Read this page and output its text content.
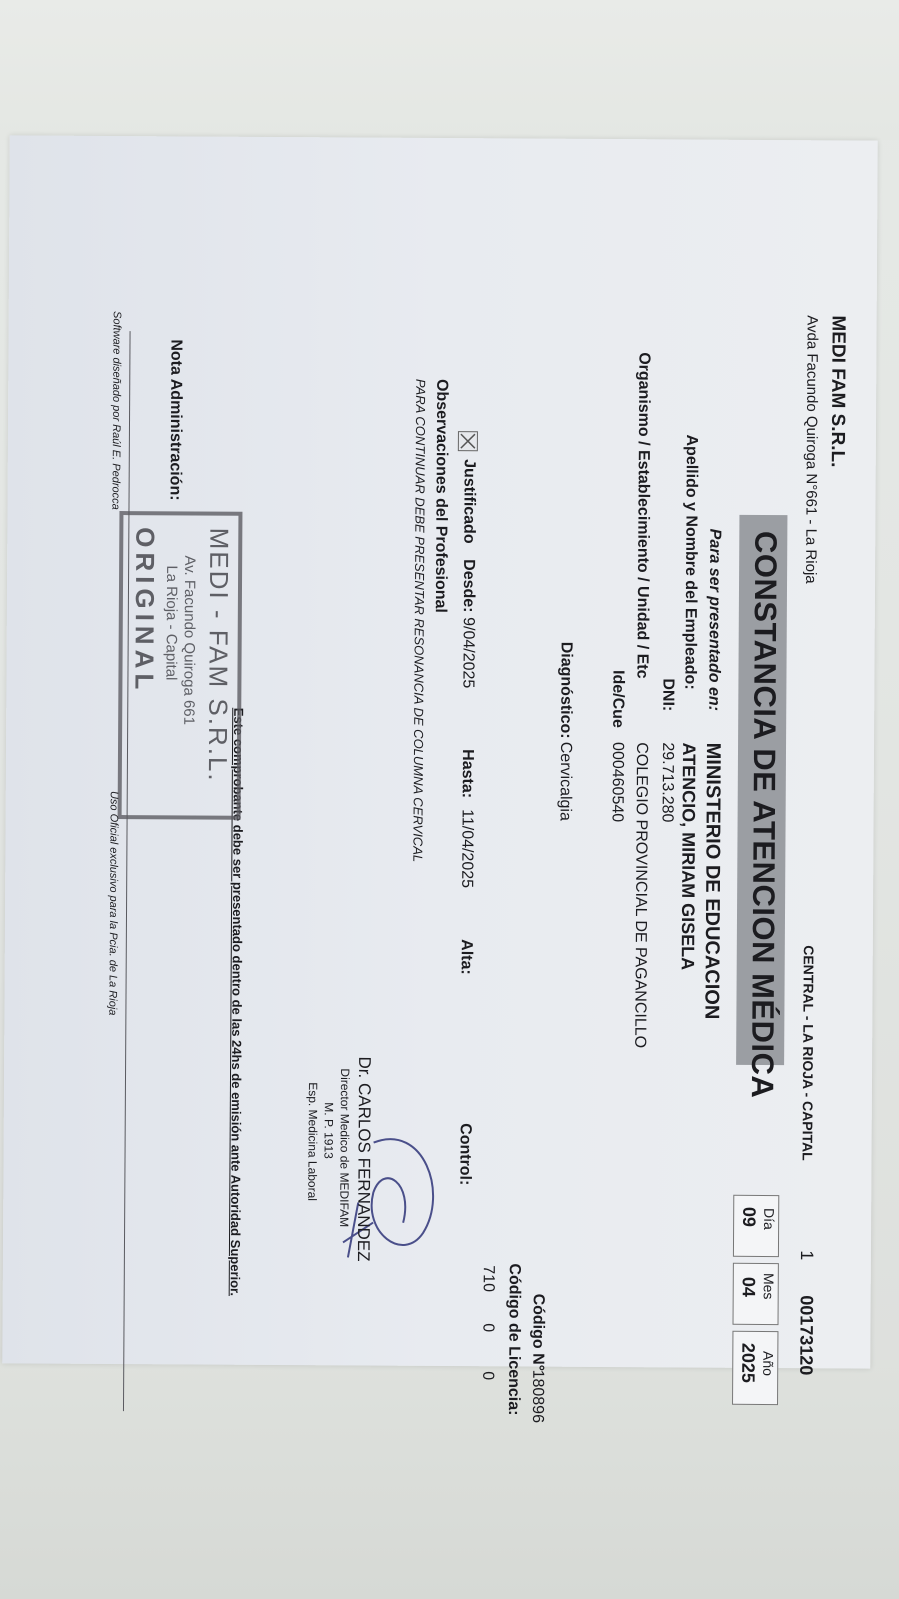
MEDI FAM S.R.L.
Avda Facundo Quiroga N°661 - La Rioja
CENTRAL - LA RIOJA - CAPITAL
1
00173120
CONSTANCIA DE ATENCION MÉDICA
Día
09
Mes
04
Año
2025
Para ser presentado en:
MINISTERIO DE EDUCACION
Apellido y Nombre del Empleado:
ATENCIO, MIRIAM GISELA
DNI:
29.713.280
Organismo / Establecimiento / Unidad / Etc
COLEGIO PROVINCIAL DE PAGANCILLO
Ide/Cue
000460540
Diagnóstico:
Cervicalgia
Código N°
180896
Código de Licencia:
710
0
0
Justificado
Desde:
9/04/2025
Hasta:
11/04/2025
Alta:
Control:
Observaciones del Profesional
PARA CONTINUAR DEBE PRESENTAR RESONANCIA DE COLUMNA CERVICAL
Dr. CARLOS FERNANDEZ
Director Medico de MEDIFAM
M. P. 1913
Esp. Medicina Laboral
Este comprobante debe ser presentado dentro de las 24hs de emisión ante Autoridad Superior.
Nota Administración:
MEDI - FAM S.R.L.
Av. Facundo Quiroga 661
La Rioja - Capital
ORIGINAL
Software diseñado por Raúl E. Pedrocca
Uso Oficial exclusivo para la Pcia. de La Rioja
